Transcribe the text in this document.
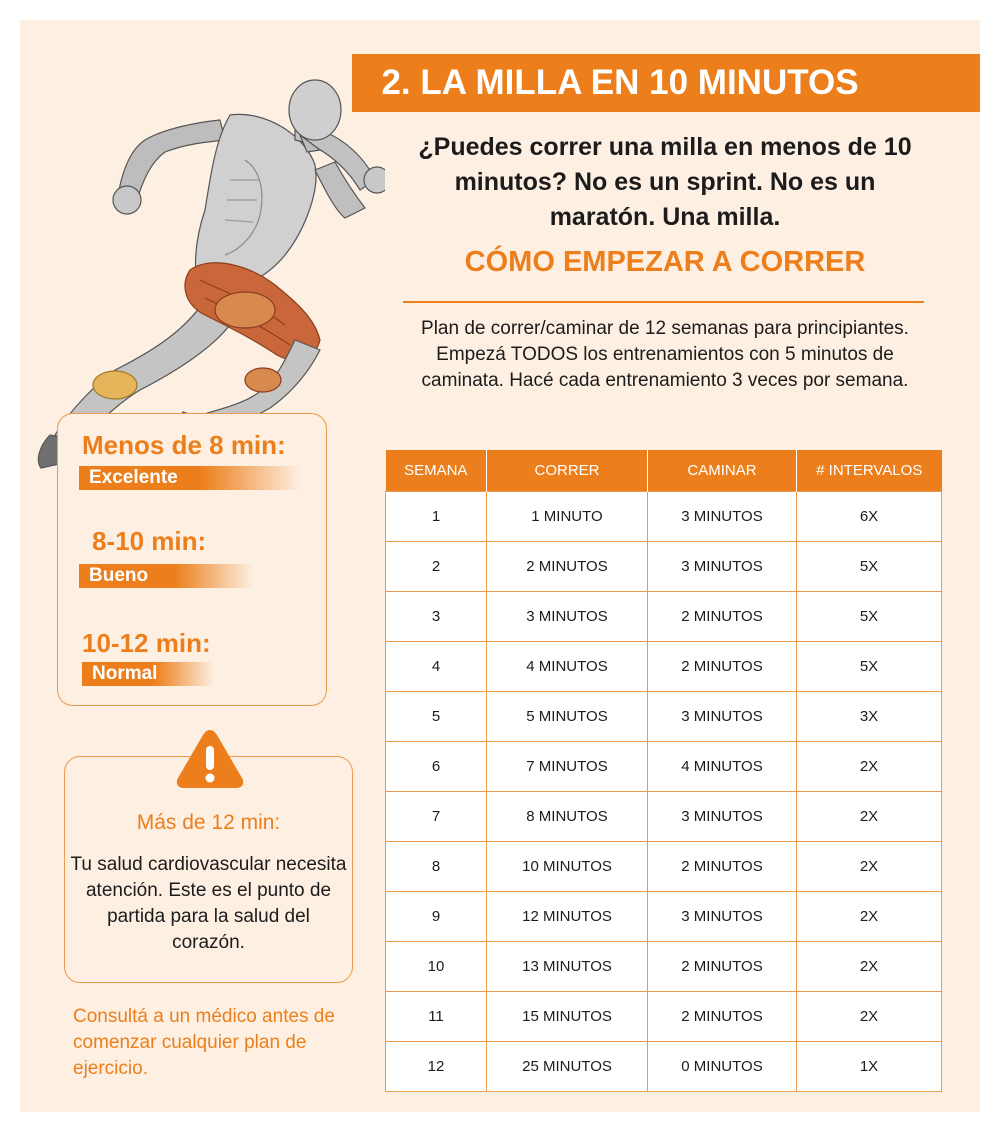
2. LA MILLA EN 10 MINUTOS
¿Puedes correr una milla en menos de 10 minutos? No es un sprint. No es un maratón. Una milla.
CÓMO EMPEZAR A CORRER
Plan de correr/caminar de 12 semanas para principiantes. Empezá TODOS los entrenamientos con 5 minutos de caminata. Hacé cada entrenamiento 3 veces por semana.
Menos de 8 min:
Excelente
8-10 min:
Bueno
10-12 min:
Normal
Más de 12 min:
Tu salud cardiovascular necesita atención. Este es el punto de partida para la salud del corazón.
Consultá a un médico antes de comenzar cualquier plan de ejercicio.
SEMANA	CORRER	CAMINAR	# INTERVALOS
1	1 MINUTO	3 MINUTOS	6X
2	2 MINUTOS	3 MINUTOS	5X
3	3 MINUTOS	2 MINUTOS	5X
4	4 MINUTOS	2 MINUTOS	5X
5	5 MINUTOS	3 MINUTOS	3X
6	7 MINUTOS	4 MINUTOS	2X
7	8 MINUTOS	3 MINUTOS	2X
8	10 MINUTOS	2 MINUTOS	2X
9	12 MINUTOS	3 MINUTOS	2X
10	13 MINUTOS	2 MINUTOS	2X
11	15 MINUTOS	2 MINUTOS	2X
12	25 MINUTOS	0 MINUTOS	1X
